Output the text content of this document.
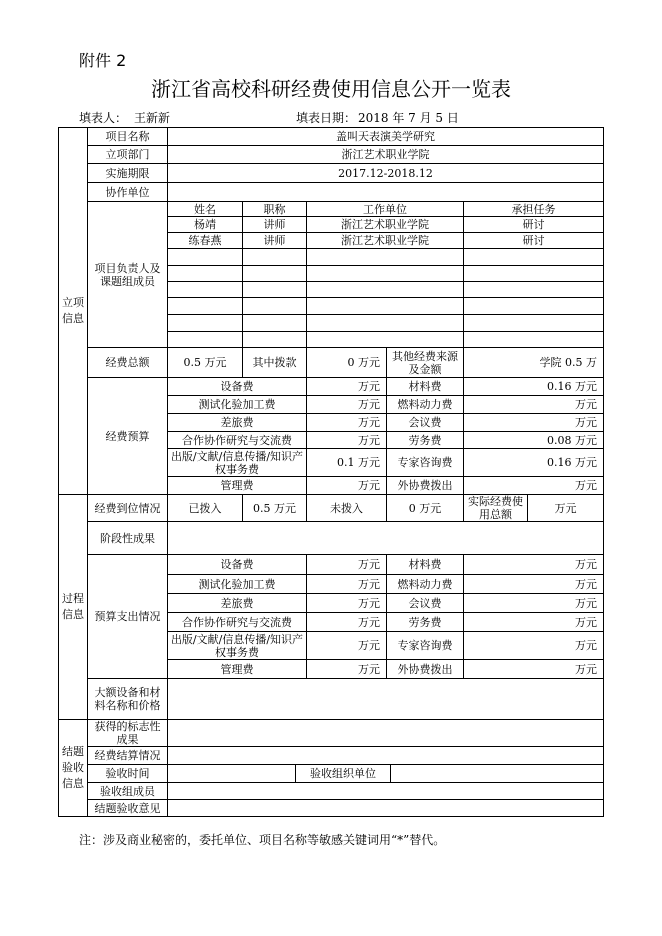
附件 2
浙江省高校科研经费使用信息公开一览表
填表人： 王新新	填表日期： 2018 年 7 月 5 日
立项信息
过程信息
结题验收信息
项目名称	盖叫天表演美学研究
立项部门	浙江艺术职业学院
实施期限	2017.12-2018.12
协作单位
项目负责人及课题组成员
姓名	职称	工作单位	承担任务
杨靖	讲师	浙江艺术职业学院	研讨
练春燕	讲师	浙江艺术职业学院	研讨
经费总额	0.5 万元	其中拨款	0 万元	其他经费来源及金额	学院 0.5 万
经费预算
设备费	万元	材料费	0.16 万元
测试化验加工费	万元	燃料动力费	万元
差旅费	万元	会议费	万元
合作协作研究与交流费	万元	劳务费	0.08 万元
出版/文献/信息传播/知识产权事务费	0.1 万元	专家咨询费	0.16 万元
管理费	万元	外协费拨出	万元
经费到位情况	已拨入	0.5 万元	未拨入	0 万元	实际经费使用总额	万元
阶段性成果
预算支出情况
设备费	万元	材料费	万元
测试化验加工费	万元	燃料动力费	万元
差旅费	万元	会议费	万元
合作协作研究与交流费	万元	劳务费	万元
出版/文献/信息传播/知识产权事务费	万元	专家咨询费	万元
管理费	万元	外协费拨出	万元
大额设备和材料名称和价格
获得的标志性成果
经费结算情况
验收时间	验收组织单位
验收组成员
结题验收意见
注：涉及商业秘密的，委托单位、项目名称等敏感关键词用“*”替代。
